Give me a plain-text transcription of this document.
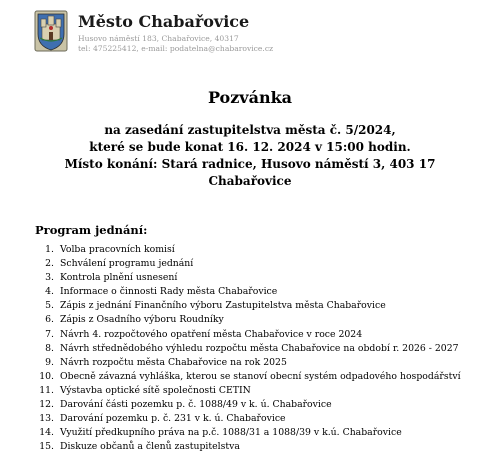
Město Chabařovice
Husovo náměstí 183, Chabařovice, 40317
tel: 475225412, e-mail: podatelna@chabarovice.cz
Pozvánka
na zasedání zastupitelstva města č. 5/2024,
které se bude konat 16. 12. 2024 v 15:00 hodin.
Místo konání: Stará radnice, Husovo náměstí 3, 403 17
Chabařovice
Program jednání:
1. Volba pracovních komisí
2. Schválení programu jednání
3. Kontrola plnění usnesení
4. Informace o činnosti Rady města Chabařovice
5. Zápis z jednání Finančního výboru Zastupitelstva města Chabařovice
6. Zápis z Osadního výboru Roudníky
7. Návrh 4. rozpočtového opatření města Chabařovice v roce 2024
8. Návrh střednědobého výhledu rozpočtu města Chabařovice na období r. 2026 - 2027
9. Návrh rozpočtu města Chabařovice na rok 2025
10. Obecně závazná vyhláška, kterou se stanoví obecní systém odpadového hospodářství
11. Výstavba optické sítě společnosti CETIN
12. Darování části pozemku p. č. 1088/49 v k. ú. Chabařovice
13. Darování pozemku p. č. 231 v k. ú. Chabařovice
14. Využití předkupního práva na p.č. 1088/31 a 1088/39 v k.ú. Chabařovice
15. Diskuze občanů a členů zastupitelstva
